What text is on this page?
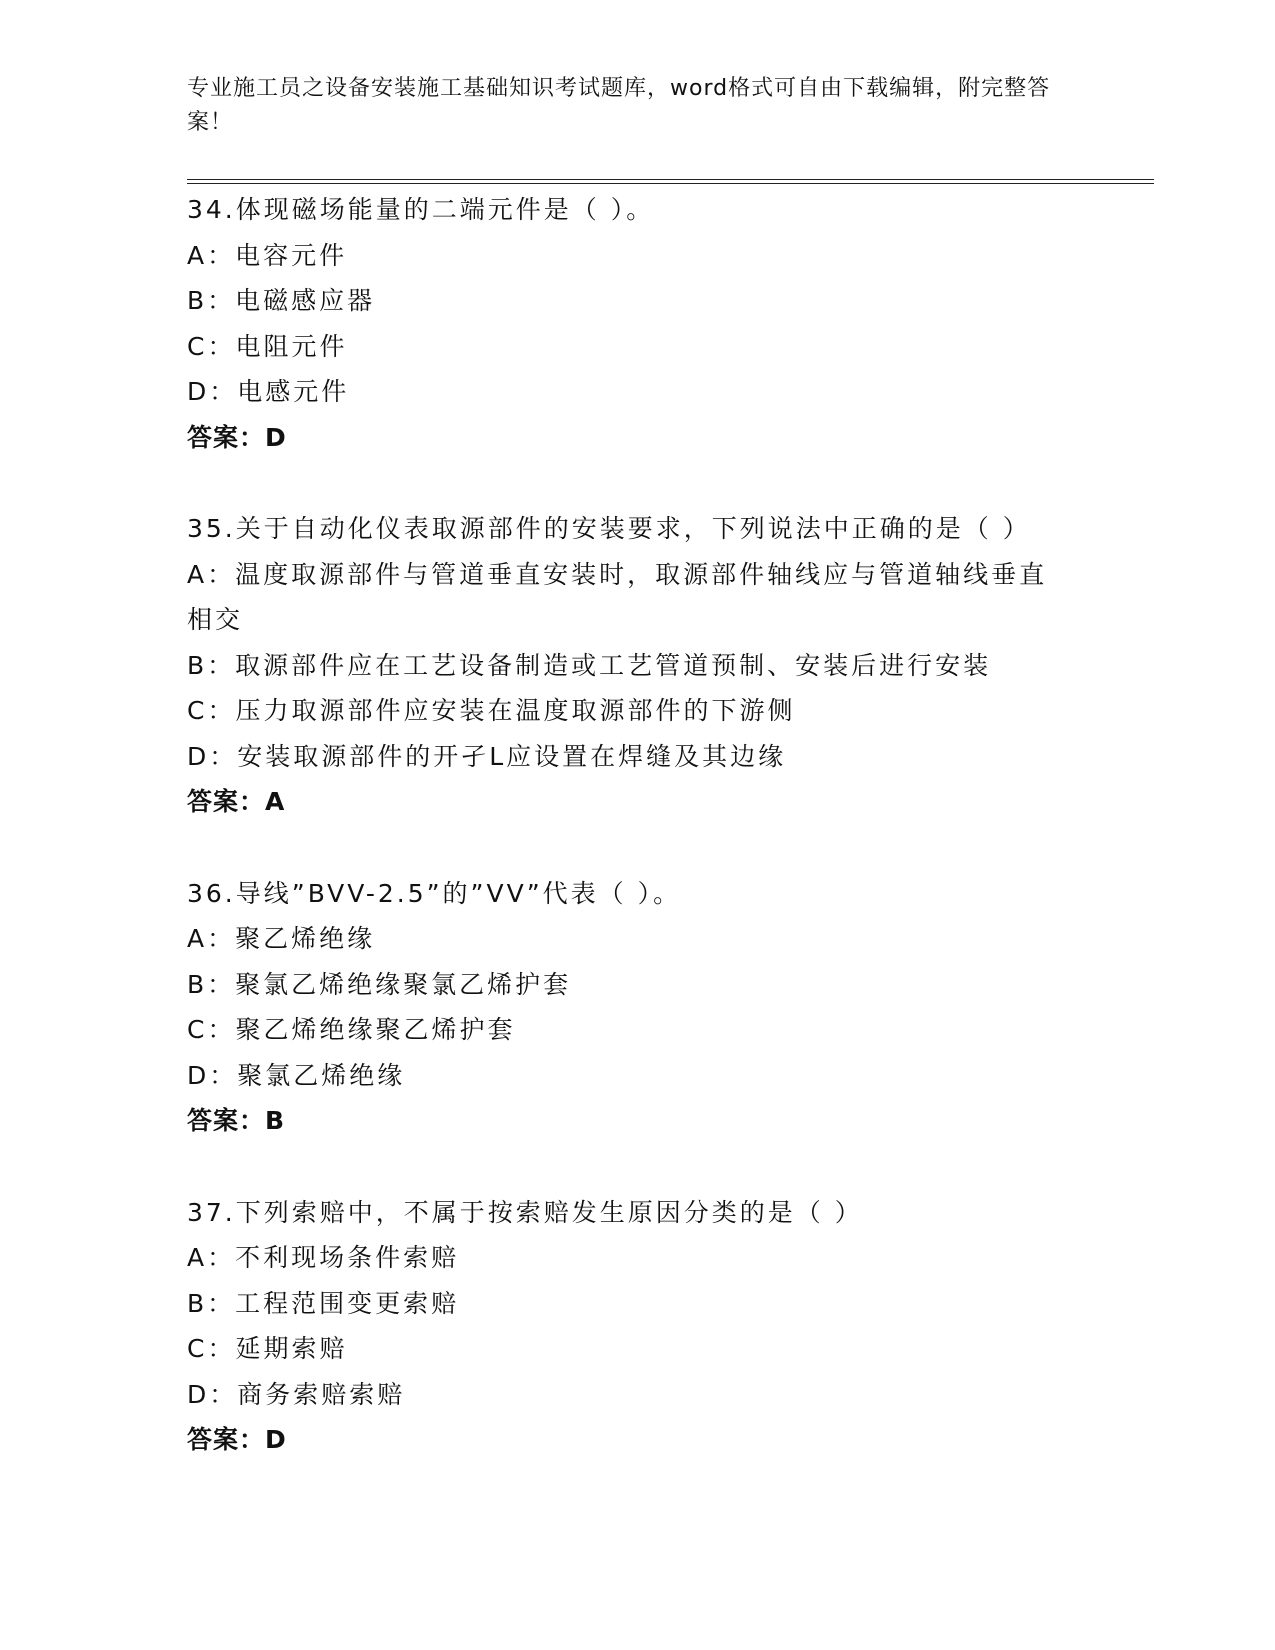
专业施工员之设备安装施工基础知识考试题库，word格式可自由下载编辑，附完整答案！
34.体现磁场能量的二端元件是（ ）。
A：电容元件
B：电磁感应器
C：电阻元件
D：电感元件
答案：D
35.关于自动化仪表取源部件的安装要求，下列说法中正确的是（ ）
A：温度取源部件与管道垂直安装时，取源部件轴线应与管道轴线垂直相交
B：取源部件应在工艺设备制造或工艺管道预制、安装后进行安装
C：压力取源部件应安装在温度取源部件的下游侧
D：安装取源部件的开孑L应设置在焊缝及其边缘
答案：A
36.导线”BVV-2.5”的”VV”代表（ ）。
A：聚乙烯绝缘
B：聚氯乙烯绝缘聚氯乙烯护套
C：聚乙烯绝缘聚乙烯护套
D：聚氯乙烯绝缘
答案：B
37.下列索赔中，不属于按索赔发生原因分类的是（ ）
A：不利现场条件索赔
B：工程范围变更索赔
C：延期索赔
D：商务索赔索赔
答案：D
